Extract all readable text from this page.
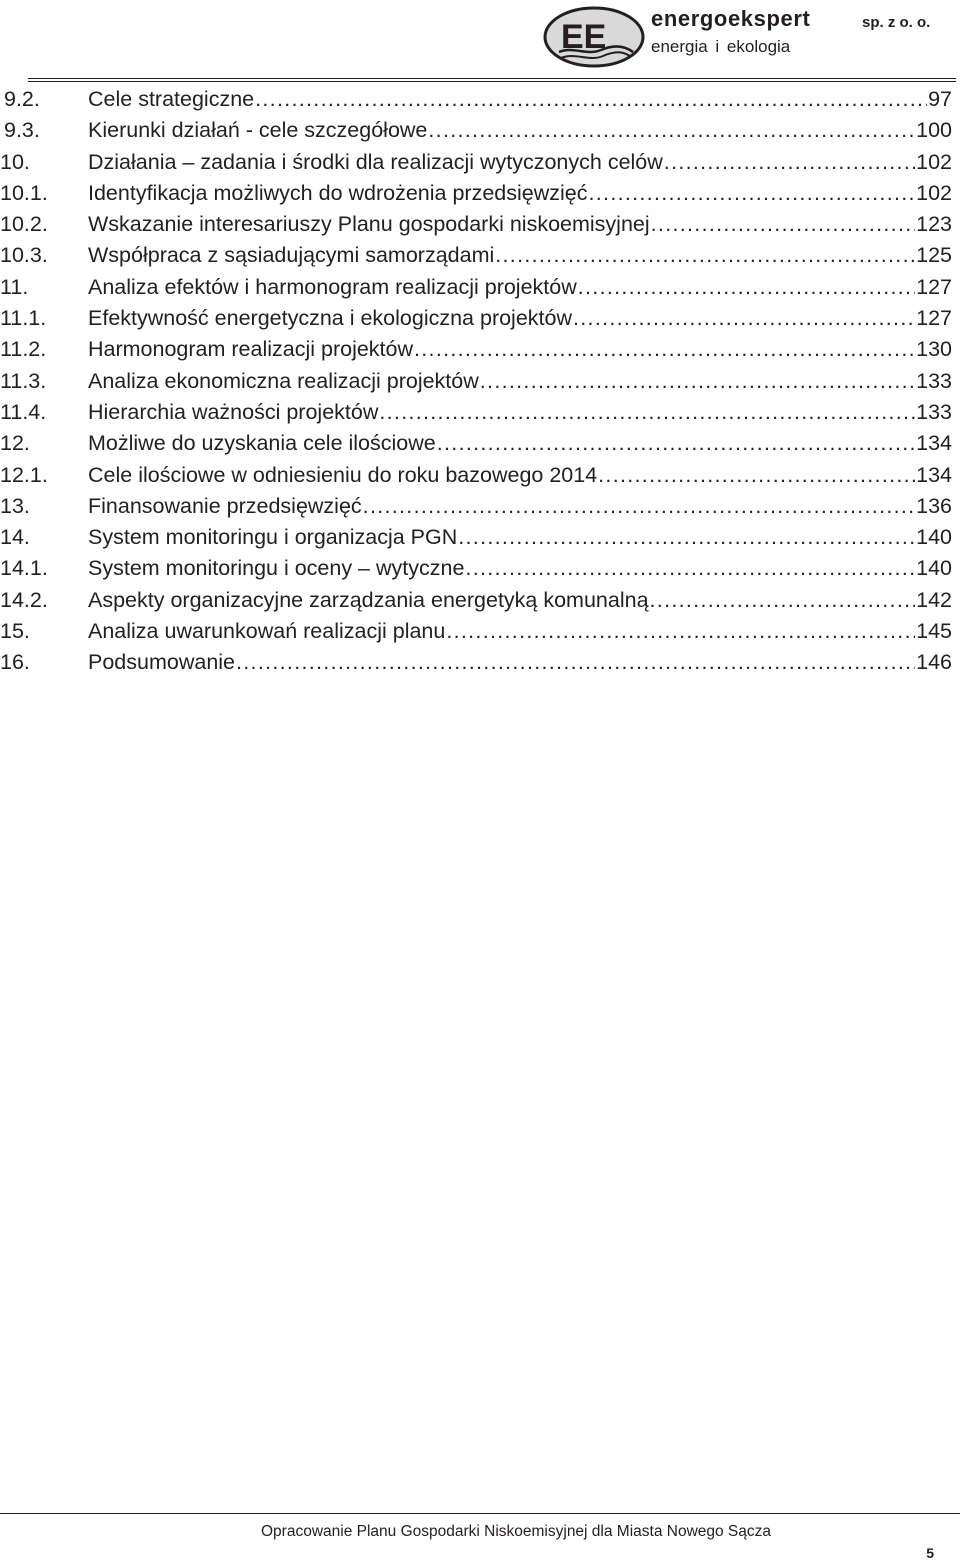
EE energoekspert
energia i ekologia
sp. z o. o.
9.2. Cele strategiczne .....	97
9.3. Kierunki działań - cele szczegółowe .....	100
10.	Działania – zadania i środki dla realizacji wytyczonych celów .....	102
10.1. Identyfikacja możliwych do wdrożenia przedsięwzięć .....	102
10.2. Wskazanie interesariuszy Planu gospodarki niskoemisyjnej .....	123
10.3. Współpraca z sąsiadującymi samorządami .....	125
11.	Analiza efektów i harmonogram realizacji projektów .....	127
11.1. Efektywność energetyczna i ekologiczna projektów .....	127
11.2. Harmonogram realizacji projektów .....	130
11.3. Analiza ekonomiczna realizacji projektów .....	133
11.4. Hierarchia ważności projektów .....	133
12.	Możliwe do uzyskania cele ilościowe .....	134
12.1. Cele ilościowe w odniesieniu do roku bazowego 2014 .....	134
13.	Finansowanie przedsięwzięć .....	136
14.	System monitoringu i organizacja PGN .....	140
14.1. System monitoringu i oceny – wytyczne .....	140
14.2. Aspekty organizacyjne zarządzania energetyką komunalną .....	142
15.	Analiza uwarunkowań realizacji planu .....	145
16.	Podsumowanie .....	146
Opracowanie Planu Gospodarki Niskoemisyjnej dla Miasta Nowego Sącza
5
